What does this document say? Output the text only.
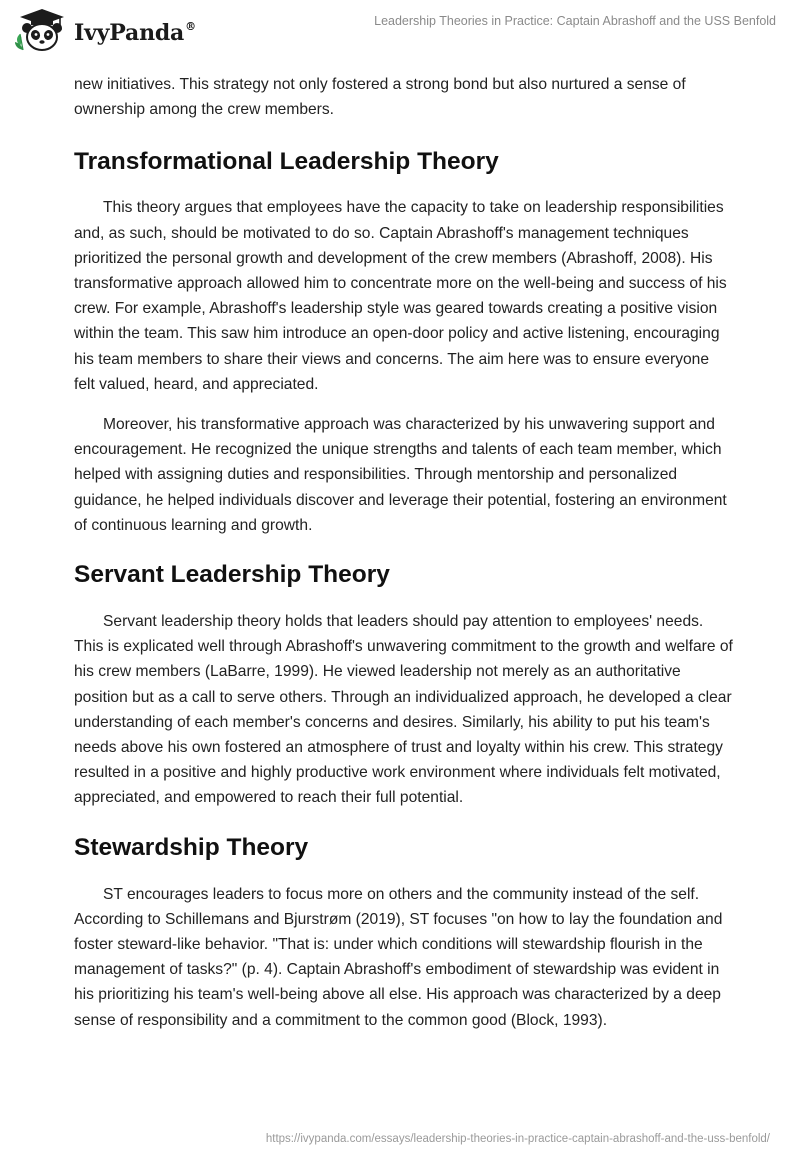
IvyPanda®	Leadership Theories in Practice: Captain Abrashoff and the USS Benfold

new initiatives. This strategy not only fostered a strong bond but also nurtured a sense of ownership among the crew members.

Transformational Leadership Theory

This theory argues that employees have the capacity to take on leadership responsibilities and, as such, should be motivated to do so. Captain Abrashoff's management techniques prioritized the personal growth and development of the crew members (Abrashoff, 2008). His transformative approach allowed him to concentrate more on the well-being and success of his crew. For example, Abrashoff's leadership style was geared towards creating a positive vision within the team. This saw him introduce an open-door policy and active listening, encouraging his team members to share their views and concerns. The aim here was to ensure everyone felt valued, heard, and appreciated.

Moreover, his transformative approach was characterized by his unwavering support and encouragement. He recognized the unique strengths and talents of each team member, which helped with assigning duties and responsibilities. Through mentorship and personalized guidance, he helped individuals discover and leverage their potential, fostering an environment of continuous learning and growth.

Servant Leadership Theory

Servant leadership theory holds that leaders should pay attention to employees' needs. This is explicated well through Abrashoff's unwavering commitment to the growth and welfare of his crew members (LaBarre, 1999). He viewed leadership not merely as an authoritative position but as a call to serve others. Through an individualized approach, he developed a clear understanding of each member's concerns and desires. Similarly, his ability to put his team's needs above his own fostered an atmosphere of trust and loyalty within his crew. This strategy resulted in a positive and highly productive work environment where individuals felt motivated, appreciated, and empowered to reach their full potential.

Stewardship Theory

ST encourages leaders to focus more on others and the community instead of the self. According to Schillemans and Bjurstrøm (2019), ST focuses "on how to lay the foundation and foster steward-like behavior. "That is: under which conditions will stewardship flourish in the management of tasks?" (p. 4). Captain Abrashoff's embodiment of stewardship was evident in his prioritizing his team's well-being above all else. His approach was characterized by a deep sense of responsibility and a commitment to the common good (Block, 1993).

https://ivypanda.com/essays/leadership-theories-in-practice-captain-abrashoff-and-the-uss-benfold/
